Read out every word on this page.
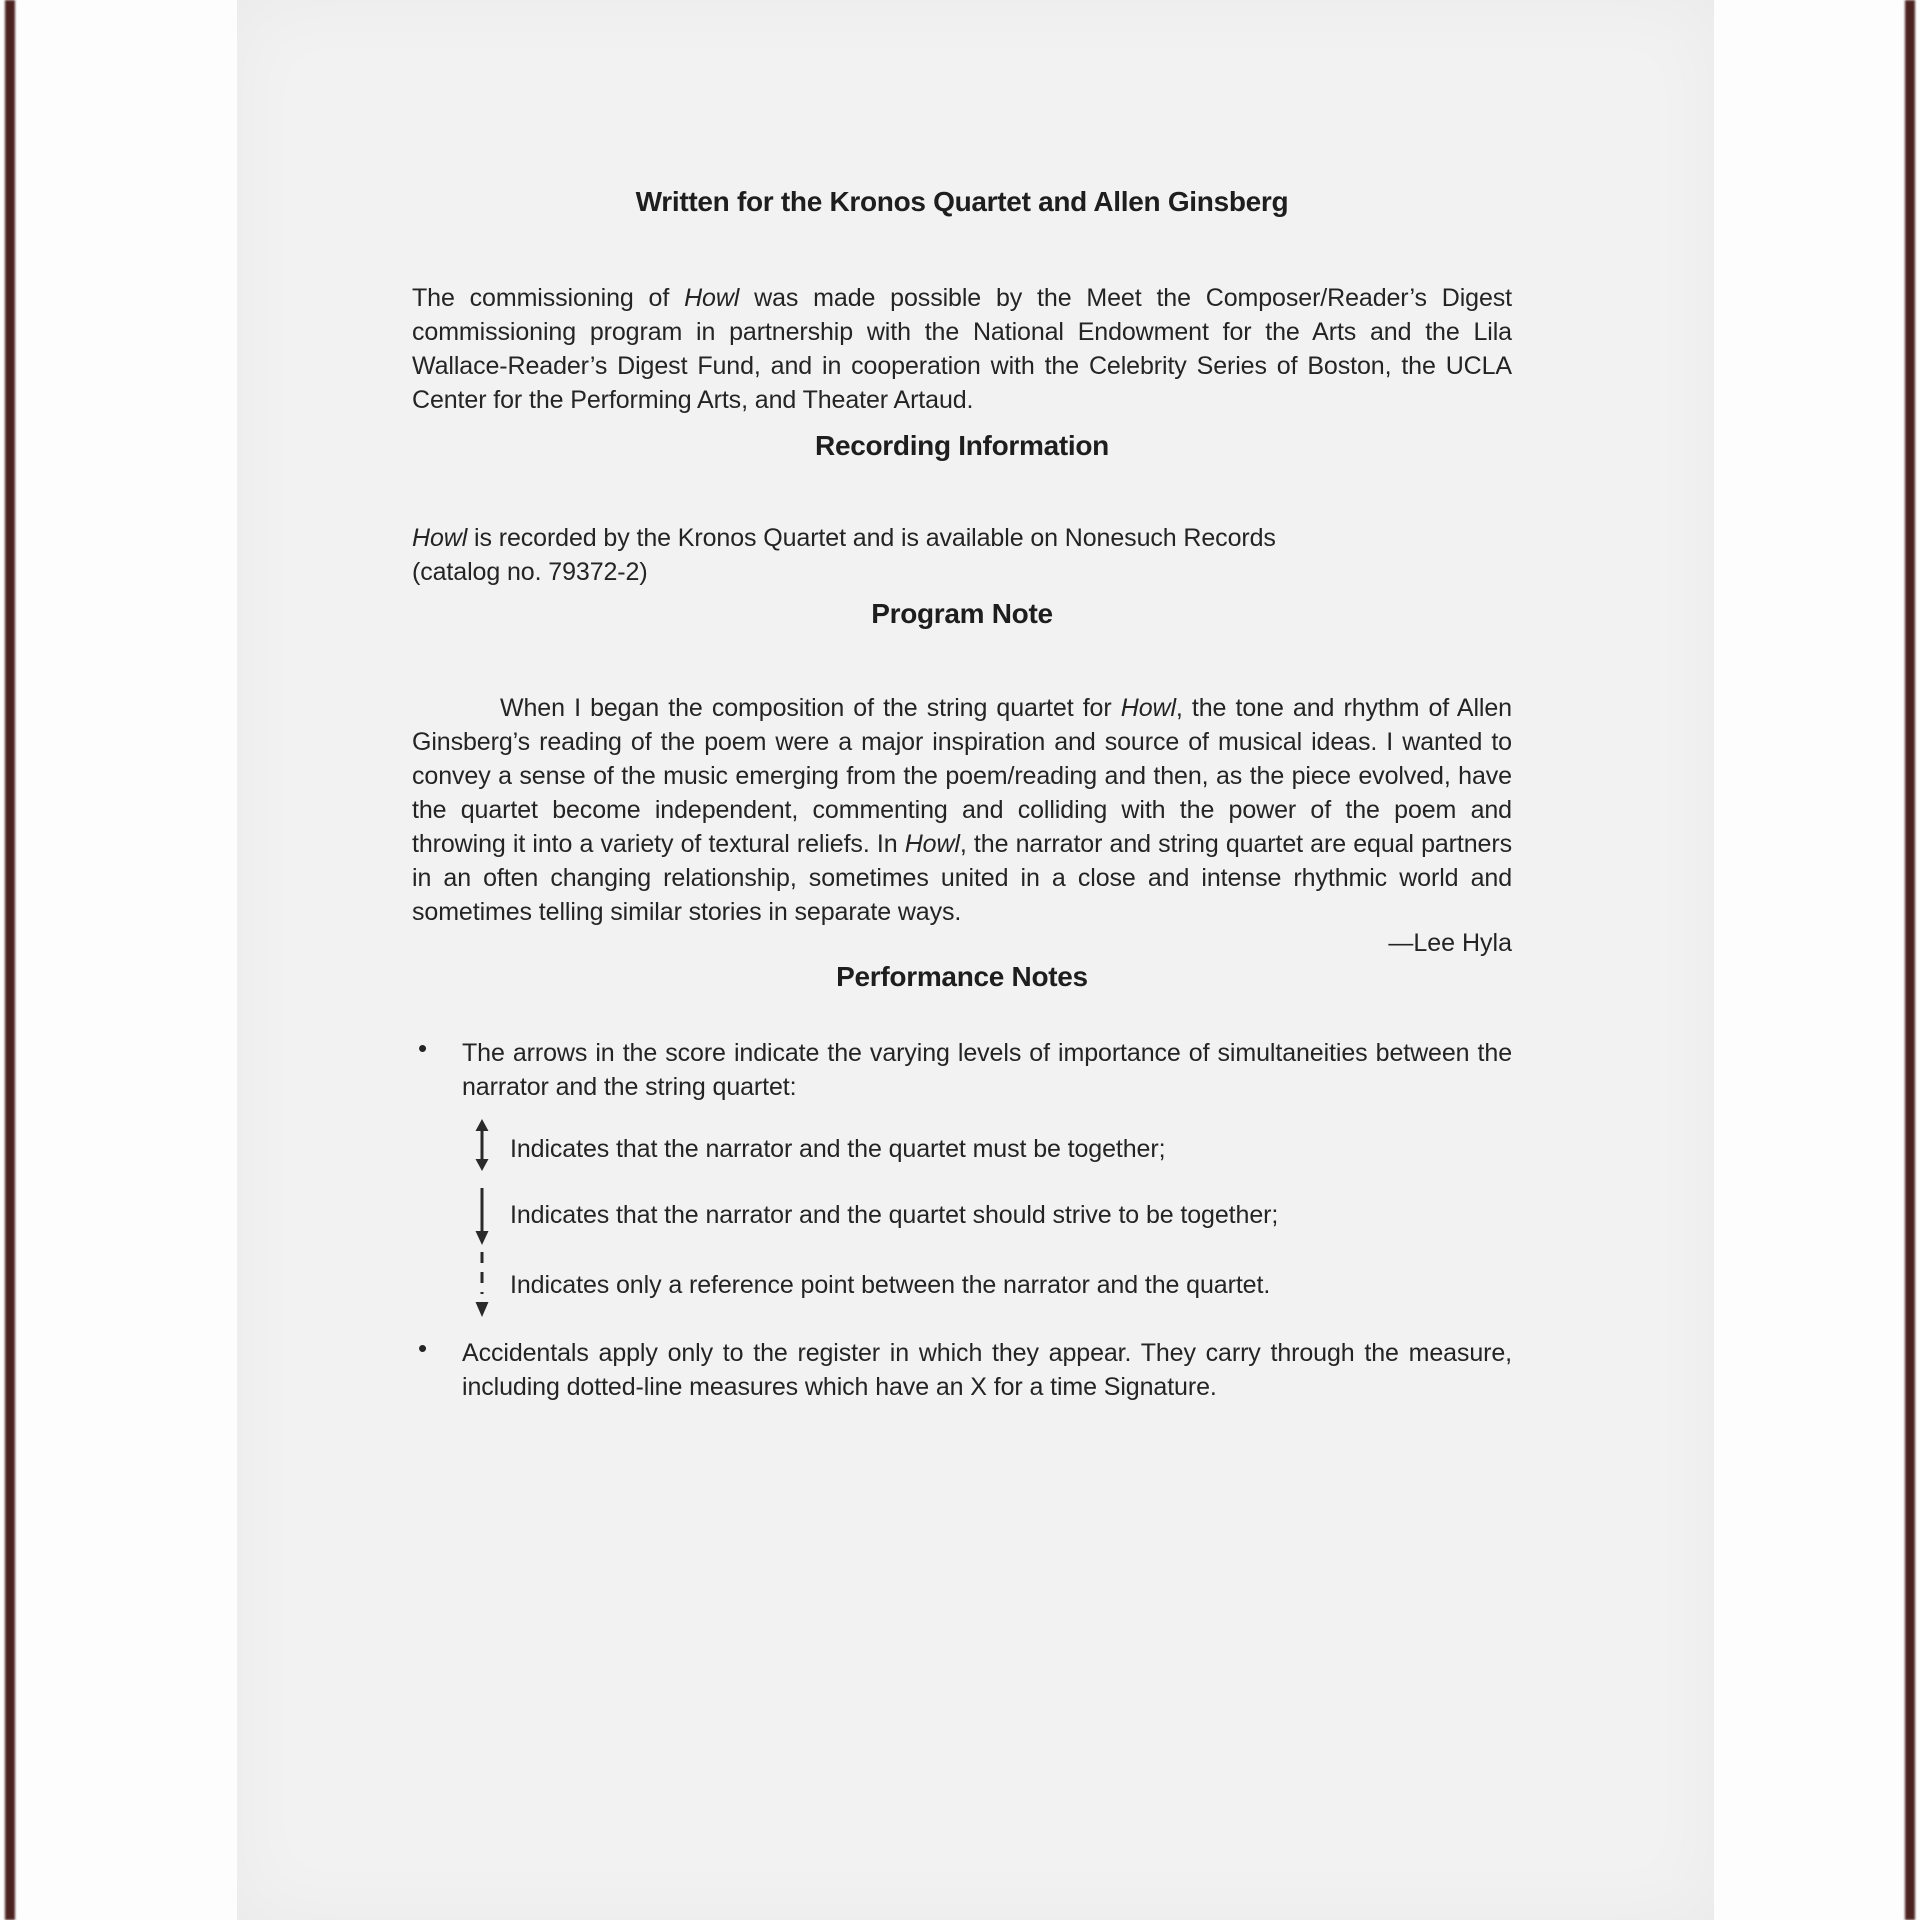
Written for the Kronos Quartet and Allen Ginsberg

The commissioning of Howl was made possible by the Meet the Composer/Reader’s Digest commissioning program in partnership with the National Endowment for the Arts and the Lila Wallace-Reader’s Digest Fund, and in cooperation with the Celebrity Series of Boston, the UCLA Center for the Performing Arts, and Theater Artaud.

Recording Information

Howl is recorded by the Kronos Quartet and is available on Nonesuch Records
(catalog no. 79372-2)

Program Note

When I began the composition of the string quartet for Howl, the tone and rhythm of Allen Ginsberg’s reading of the poem were a major inspiration and source of musical ideas. I wanted to convey a sense of the music emerging from the poem/reading and then, as the piece evolved, have the quartet become independent, commenting and colliding with the power of the poem and throwing it into a variety of textural reliefs. In Howl, the narrator and string quartet are equal partners in an often changing relationship, sometimes united in a close and intense rhythmic world and sometimes telling similar stories in separate ways.

—Lee Hyla
Performance Notes
• The arrows in the score indicate the varying levels of importance of simultaneities between the narrator and the string quartet:
Indicates that the narrator and the quartet must be together;
Indicates that the narrator and the quartet should strive to be together;
Indicates only a reference point between the narrator and the quartet.
• Accidentals apply only to the register in which they appear. They carry through the measure, including dotted-line measures which have an X for a time Signature.
